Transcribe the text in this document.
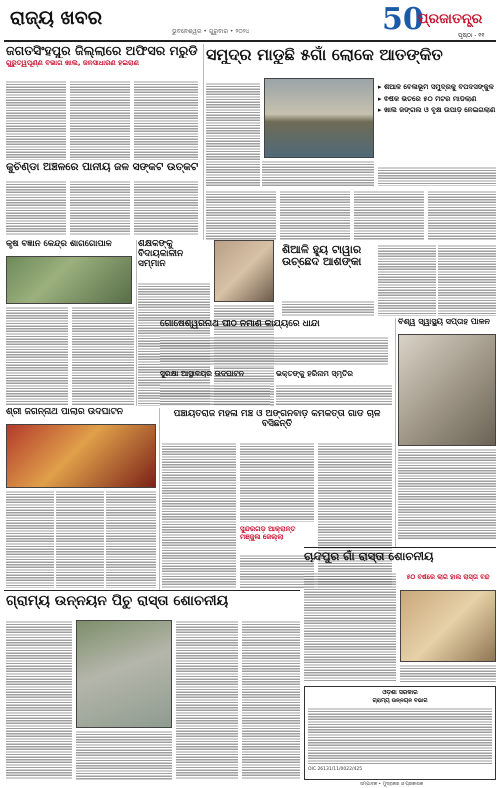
ରାଜ୍ୟ ଖବର
ଭୁବନେଶ୍ୱର • ଗୁରୁବାର • ୨୦୨୪	50
ପ୍ରଜାତନ୍ତ୍ର
ପୃଷ୍ଠା - ୧୧
ଜଗତସିଂହପୁର ଜିଲ୍ଲାରେ ଅଫିସର ମରୁଡି
ଗୁରୁତ୍ୱପୂର୍ଣ୍ଣ ବିଭାଗ ଖାଲି, ଜନସାଧାରଣ ହଇରାଣ	ସମୁଦ୍ର ମାଡୁଛି ୫ଗାଁ ଲୋକେ ଆତଙ୍କିତ
▸ ଶିଆଳି ବେଳାଭୂମି ସମୁଦ୍ରକୁ ବିପଦସଙ୍କୁଳ
▸ ଵର୍ଷକ ଭିତରେ ୫୦ ମିଟର ମାଡିଲାଣି
▸ ଖାଲି ଜଙ୍ଗଲ ଓ ବୃକ୍ଷ ଉପାଡ଼ି ନେଇଗଲାଣି
କୁଚିଣ୍ଡା ଅଞ୍ଚଳରେ ପାନୀୟ ଜଳ ସଙ୍କଟ ଉତ୍କଟ
କୃଷି ବିଜ୍ଞାନ କେନ୍ଦ୍ର ଶାଗଗୋପାଳ	ଶିକ୍ଷକଙ୍କୁ ବିଦାୟକାଳୀନ ସମ୍ମାନ
ଶିଆଳି ହୁ୍ୟ ଟାୱାର ଉଚ୍ଛେଦ ଆଶଙ୍କା
ଗୋଷେଶ୍ୱରନାଥ ପୀଠ ନିର୍ମାଣ କାର୍ଯ୍ୟରେ ଧାନ୍ଦା	ବିଶ୍ୱ ସ୍ୱାସ୍ଥ୍ୟ ସପ୍ତାହ ପାଳନ
ସୁରକ୍ଷା ଆସ୍ଥାଳୟର ଉଦଘାଟନ	ଭକ୍ତଙ୍କୁ ହରିନାମ ସ୍ମୃତିର
ଶ୍ରୀ ଜଗନ୍ନାଥ ପାଲାର ଉଦଘାଟନ	ପଞ୍ଚାୟତରାଜ ମହିଳା ମଞ୍ଚ ଓ ଅଙ୍ଗନବାଡ଼ି କର୍ମକର୍ତ୍ତା ଗାଡି ଚାଳି ବସିଛନ୍ତି
ସୁନ୍ଦରଗଡ଼ ଆକ୍ରାନ୍ତ ମଞ୍ଜୁଳା ଜେଲ୍ଲା
ଚାନ୍ଦପୁର ଗାଁ ରାସ୍ତା ଶୋଚନୀୟ
୫୦ ବର୍ଷରେ ଲାଗି ହାଲ ରାସ୍ତା ବନ୍ଦ
ଗ୍ରାମ୍ୟ ଉନ୍ନୟନ ପିଚୁ ରାସ୍ତା ଶୋଚନୀୟ
ଓଡ଼ିଶା ସରକାର
ଗ୍ରାମ୍ୟ ଉନ୍ନୟନ ବିଭାଗ
OIC 26131/11/0022/425
ସମ୍ପାଦକ • ମୁଦ୍ରାକର ଓ ପ୍ରକାଶକ
